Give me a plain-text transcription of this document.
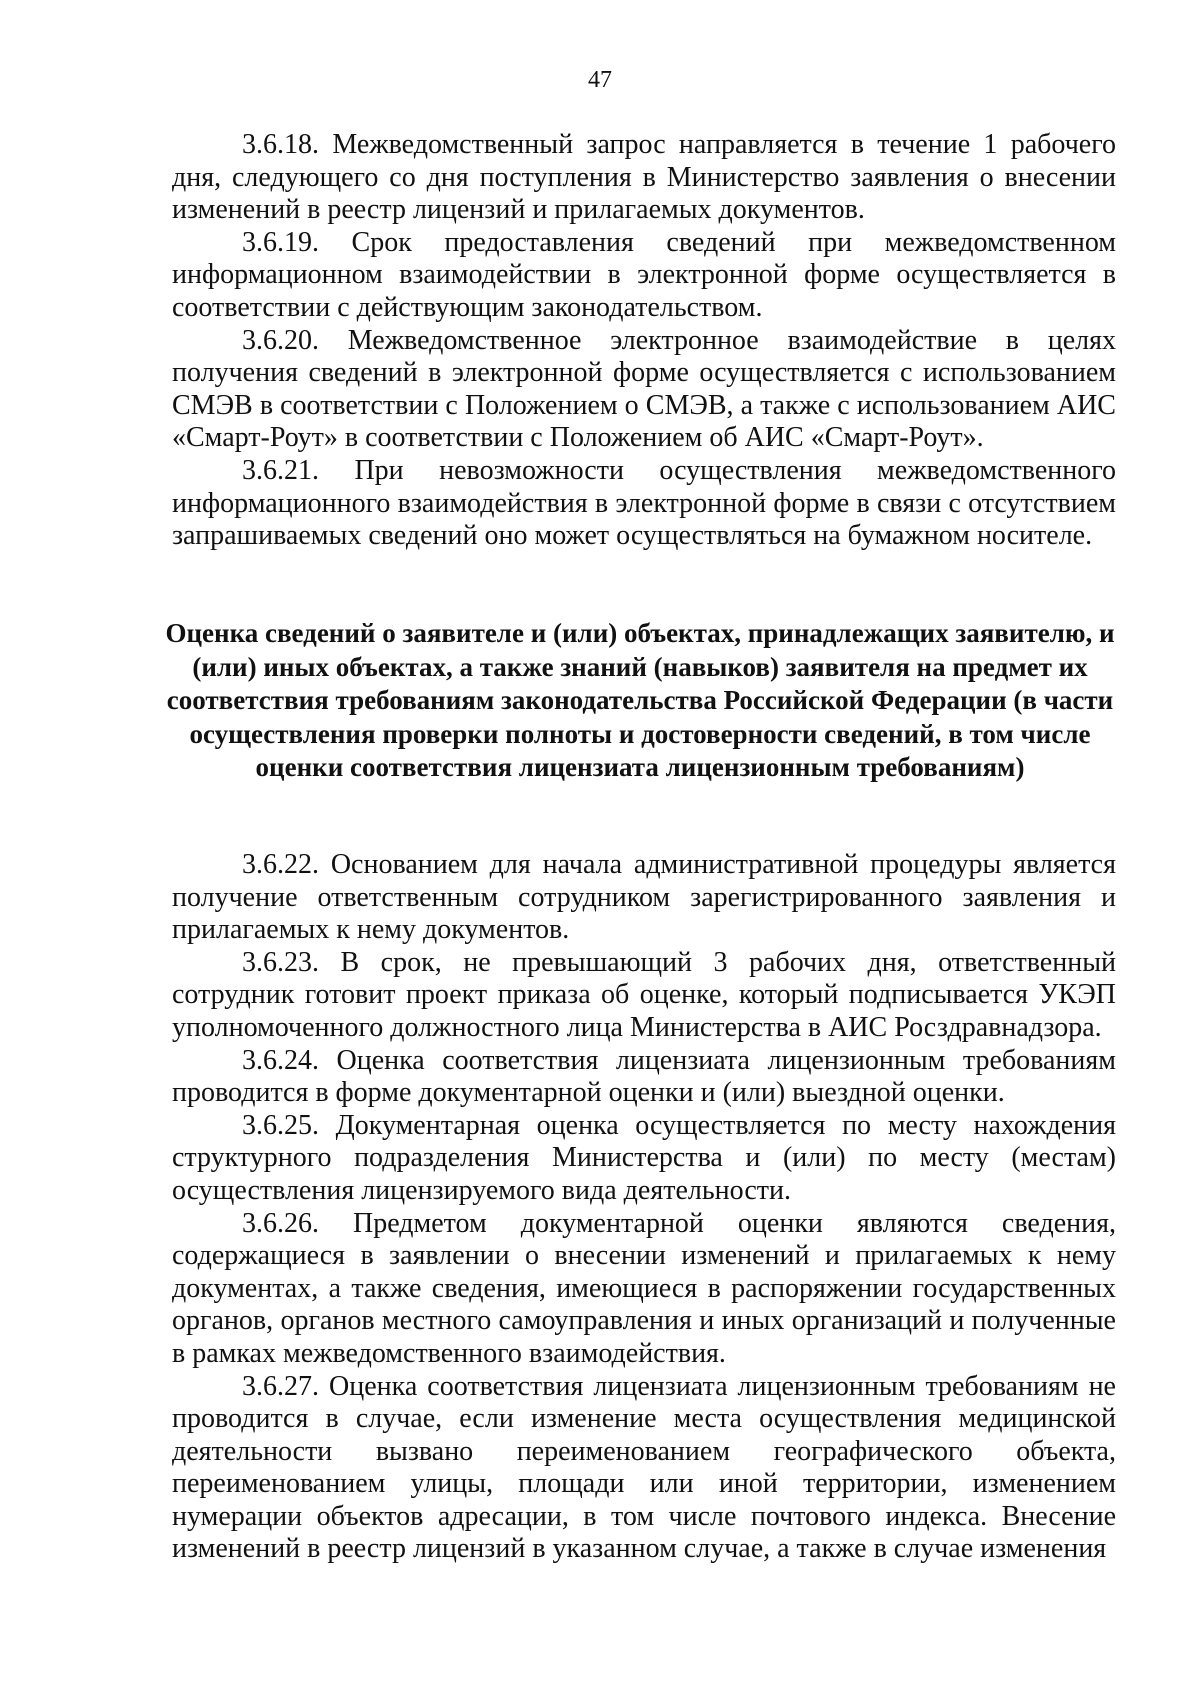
47

3.6.18. Межведомственный запрос направляется в течение 1 рабочего дня, следующего со дня поступления в Министерство заявления о внесении изменений в реестр лицензий и прилагаемых документов.

3.6.19. Срок предоставления сведений при межведомственном информационном взаимодействии в электронной форме осуществляется в соответствии с действующим законодательством.

3.6.20. Межведомственное электронное взаимодействие в целях получения сведений в электронной форме осуществляется с использованием СМЭВ в соответствии с Положением о СМЭВ, а также с использованием АИС «Смарт-Роут» в соответствии с Положением об АИС «Смарт-Роут».

3.6.21. При невозможности осуществления межведомственного информационного взаимодействия в электронной форме в связи с отсутствием запрашиваемых сведений оно может осуществляться на бумажном носителе.

Оценка сведений о заявителе и (или) объектах, принадлежащих заявителю, и (или) иных объектах, а также знаний (навыков) заявителя на предмет их соответствия требованиям законодательства Российской Федерации (в части осуществления проверки полноты и достоверности сведений, в том числе оценки соответствия лицензиата лицензионным требованиям)

3.6.22. Основанием для начала административной процедуры является получение ответственным сотрудником зарегистрированного заявления и прилагаемых к нему документов.

3.6.23. В срок, не превышающий 3 рабочих дня, ответственный сотрудник готовит проект приказа об оценке, который подписывается УКЭП уполномоченного должностного лица Министерства в АИС Росздравнадзора.

3.6.24. Оценка соответствия лицензиата лицензионным требованиям проводится в форме документарной оценки и (или) выездной оценки.

3.6.25. Документарная оценка осуществляется по месту нахождения структурного подразделения Министерства и (или) по месту (местам) осуществления лицензируемого вида деятельности.

3.6.26. Предметом документарной оценки являются сведения, содержащиеся в заявлении о внесении изменений и прилагаемых к нему документах, а также сведения, имеющиеся в распоряжении государственных органов, органов местного самоуправления и иных организаций и полученные в рамках межведомственного взаимодействия.

3.6.27. Оценка соответствия лицензиата лицензионным требованиям не проводится в случае, если изменение места осуществления медицинской деятельности вызвано переименованием географического объекта, переименованием улицы, площади или иной территории, изменением нумерации объектов адресации, в том числе почтового индекса. Внесение изменений в реестр лицензий в указанном случае, а также в случае изменения
